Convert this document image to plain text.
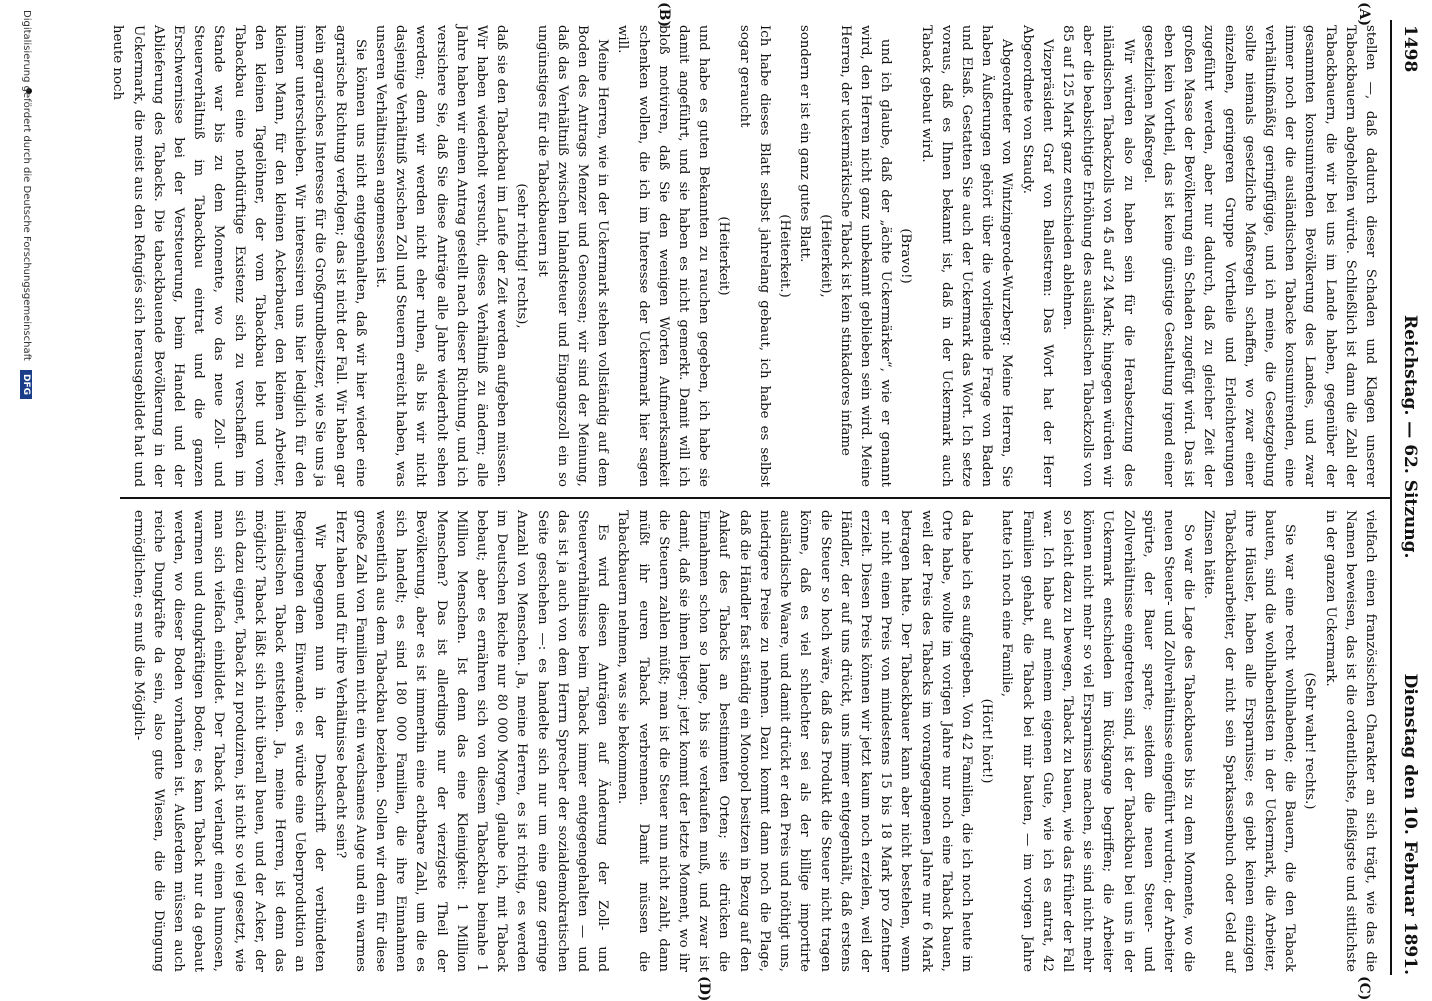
1498
Reichstag. — 62. Sitzung.
Dienstag den 10. Februar 1891.
(A)
(B)
(C)
(D)

stellen —, daß dadurch dieser Schaden und Klagen unserer Tabackbauern abgeholfen würde. Schließlich ist dann die Zahl der Tabackbauern, die wir bei uns im Lande haben, gegenüber der gesammten konsumirenden Bevölkerung des Landes, und zwar immer noch der die ausländischen Tabacke konsumirenden, eine verhältnißmäßig geringfügige, und ich meine, die Gesetzgebung sollte niemals gesetzliche Maßregeln schaffen, wo zwar einer einzelnen, geringeren Gruppe Vortheile und Erleichterungen zugeführt werden, aber nur dadurch, daß zu gleicher Zeit der großen Masse der Bevölkerung ein Schaden zugefügt wird. Das ist eben kein Vortheil, das ist keine günstige Gestaltung irgend einer gesetzlichen Maßregel.

Wir würden also zu haben sein für die Herabsetzung des inländischen Tabackzolls von 45 auf 24 Mark; hingegen würden wir aber die beabsichtigte Erhöhung des ausländischen Tabackzolls von 85 auf 125 Mark ganz entschieden ablehnen.

Vizepräsident Graf von Ballestrem: Das Wort hat der Herr Abgeordnete von Staudy.

Abgeordneter von Wintzingerode-Wurzberg: Meine Herren, Sie haben Äußerungen gehört über die vorliegende Frage von Baden und Elsaß. Gestatten Sie auch der Uckermark das Wort. Ich setze voraus, daß es Ihnen bekannt ist, daß in der Uckermark auch Taback gebaut wird.

(Bravo!)

und ich glaube, daß der „ächte Uckermärker“, wie er genannt wird, den Herren nicht ganz unbekannt geblieben sein wird. Meine Herren, der uckermärkische Taback ist kein stinkadores infame

(Heiterkeit),

sondern er ist ein ganz gutes Blatt.

(Heiterkeit.)

Ich habe dieses Blatt selbst jahrelang gebaut, ich habe es selbst sogar geraucht

(Heiterkeit)

und habe es guten Bekannten zu rauchen gegeben, ich habe sie damit angeführt, und sie haben es nicht gemerkt. Damit will ich bloß motiviren, daß Sie den wenigen Worten Aufmerksamkeit schenken wollen, die ich im Interesse der Uckermark hier sagen will.

Meine Herren, wie in der Uckermark stehen vollständig auf dem Boden des Antrags Menzer und Genossen; wir sind der Meinung, daß das Verhältniß zwischen Inlandsteuer und Eingangszoll ein so ungünstiges für die Tabackbauern ist

(sehr richtig! rechts),

daß sie den Tabackbau im Laufe der Zeit werden aufgeben müssen. Wir haben wiederholt versucht, dieses Verhältniß zu ändern; alle Jahre haben wir einen Antrag gestellt nach dieser Richtung, und ich versichere Sie, daß Sie diese Anträge alle Jahre wiederholt sehen werden; denn wir werden nicht eher ruhen, als bis wir nicht dasjenige Verhältniß zwischen Zoll und Steuern erreicht haben, was unseren Verhältnissen angemessen ist.

Sie können uns nicht entgegenhalten, daß wir hier wieder eine agrarische Richtung verfolgen; das ist nicht der Fall. Wir haben gar kein agrarisches Interesse für die Großgrundbesitzer, wie Sie uns ja immer unterschieben. Wir interessiren uns hier lediglich für den kleinen Mann, für den kleinen Ackerbauer, den kleinen Arbeiter, den kleinen Tagelöhner, der vom Tabackbau lebt und vom Tabackbau eine nothdürftige Existenz sich zu verschaffen im Stande war bis zu dem Momente, wo das neue Zoll- und Steuerverhältniß im Tabackbau eintrat und die ganzen Erschwernisse bei der Versteuerung, beim Handel und der Ablieferung des Tabacks. Die tabackbauende Bevölkerung in der Uckermark, die meist aus den Refugiés sich herausgebildet hat und heute noch

vielfach einen französischen Charakter an sich trägt, wie das die Namen beweisen, das ist die ordentlichste, fleißigste und sittlichste in der ganzen Uckermark.

(Sehr wahr! rechts.)

Sie war eine recht wohlhabende; die Bauern, die den Taback bauten, sind die wohlhabendsten in der Uckermark, die Arbeiter, ihre Häusler, haben alle Ersparnisse; es giebt keinen einzigen Tabackbauarbeiter, der nicht sein Sparkassenbuch oder Geld auf Zinsen hätte.

So war die Lage des Tabackbaues bis zu dem Momente, wo die neuen Steuer- und Zollverhältnisse eingeführt wurden; der Arbeiter spürte, der Bauer sparte; seitdem die neuen Steuer- und Zollverhältnisse eingetreten sind, ist der Tabackbau bei uns in der Uckermark entschieden im Rückgange begriffen; die Arbeiter können nicht mehr so viel Ersparnisse machen, sie sind nicht mehr so leicht dazu zu bewegen, Taback zu bauen, wie das früher der Fall war. Ich habe auf meinem eigenen Gute, wie ich es antrat, 42 Familien gehabt, die Taback bei mir bauten, — im vorigen Jahre hatte ich noch eine Familie,

(Hört! hört!)

da habe ich es aufgegeben. Von 42 Familien, die ich noch heute im Orte habe, wollte im vorigen Jahre nur noch eine Taback bauen, weil der Preis des Tabacks im vorangegangenen Jahre nur 6 Mark betragen hatte. Der Tabackbauer kann aber nicht bestehen, wenn er nicht einen Preis von mindestens 15 bis 18 Mark pro Zentner erzielt. Diesen Preis können wir jetzt kaum noch erzielen, weil der Händler, der auf uns drückt, uns immer entgegenhält, daß erstens die Steuer so hoch wäre, daß das Produkt die Steuer nicht tragen könne, daß es viel schlechter sei als der billige importirte ausländische Waare, und damit drückt er den Preis und nöthigt uns, niedrigere Preise zu nehmen. Dazu kommt dann noch die Plage, daß die Händler fast ständig ein Monopol besitzen in Bezug auf den Ankauf des Tabacks an bestimmten Orten; sie drücken die Einnahmen schon so lange, bis sie verkaufen muß, und zwar ist damit, daß sie ihnen liegen; jetzt kommt der letzte Moment, wo ihr die Steuern zahlen müßt; man ist die Steuer nun nicht zahlt, dann müßt ihr euren Taback verbrennen. Damit müssen die Tabackbauern nehmen, was sie bekommen.

Es wird diesen Anträgen auf Änderung der Zoll- und Steuerverhältnisse beim Taback immer entgegengehalten — und das ist ja auch von dem Herrn Sprecher der sozialdemokratischen Seite geschehen —: es handelte sich nur um eine ganz geringe Anzahl von Menschen. Ja, meine Herren, es ist richtig, es werden im Deutschen Reiche nur 80 000 Morgen, glaube ich, mit Taback bebaut; aber es ernähren sich von diesem Tabackbau beinahe 1 Million Menschen. Ist denn das eine Kleinigkeit: 1 Million Menschen? Das ist allerdings nur der vierzigste Theil der Bevölkerung, aber es ist immerhin eine achtbare Zahl, um die es sich handelt; es sind 180 000 Familien, die ihre Einnahmen wesentlich aus dem Tabackbau beziehen. Sollen wir denn für diese große Zahl von Familien nicht ein wachsames Auge und ein warmes Herz haben und für ihre Verhältnisse bedacht sein?

Wir begegnen nun in der Denkschrift der verbündeten Regierungen dem Einwande: es würde eine Ueberproduktion an inländischen Taback entstehen. Ja, meine Herren, ist denn das möglich? Taback läßt sich nicht überall bauen, und der Acker, der sich dazu eignet, Taback zu produziren, ist nicht so viel gesetzt, wie man sich vielfach einbildet. Der Taback verlangt einen humosen, warmen und dungkräftigen Boden; es kann Taback nur da gebaut werden, wo dieser Boden vorhanden ist. Außerdem müssen auch reiche Dungkräfte da sein, also gute Wiesen, die die Düngung ermöglichen; es muß die Möglich-

Digitalisierung gefördert durch die Deutsche Forschungsgemeinschaft DFG
